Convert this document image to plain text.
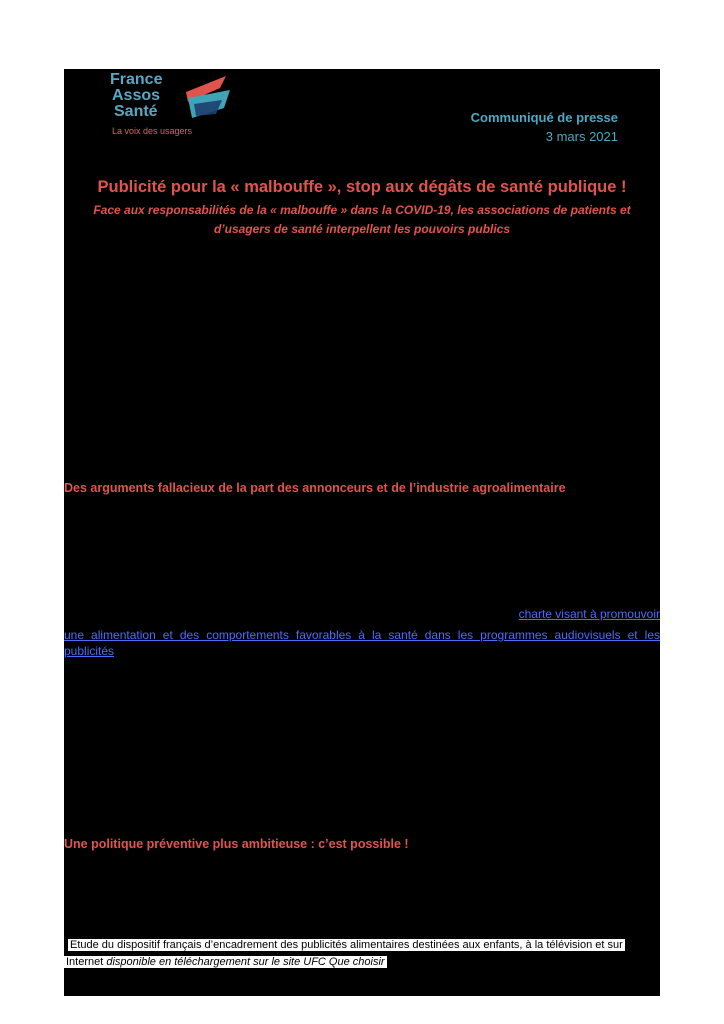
France
Assos
Santé
La voix des usagers
Communiqué de presse
3 mars 2021
Publicité pour la « malbouffe », stop aux dégâts de santé publique !
Face aux responsabilités de la « malbouffe » dans la COVID-19, les associations de patients et d’usagers de santé interpellent les pouvoirs publics
Des arguments fallacieux de la part des annonceurs et de l’industrie agroalimentaire
charte visant à promouvoir
une alimentation et des comportements favorables à la santé dans les programmes audiovisuels et les publicités
Une politique préventive plus ambitieuse : c’est possible !
Etude du dispositif français d’encadrement des publicités alimentaires destinées aux enfants, à la télévision et sur
Internet disponible en téléchargement sur le site UFC Que choisir
